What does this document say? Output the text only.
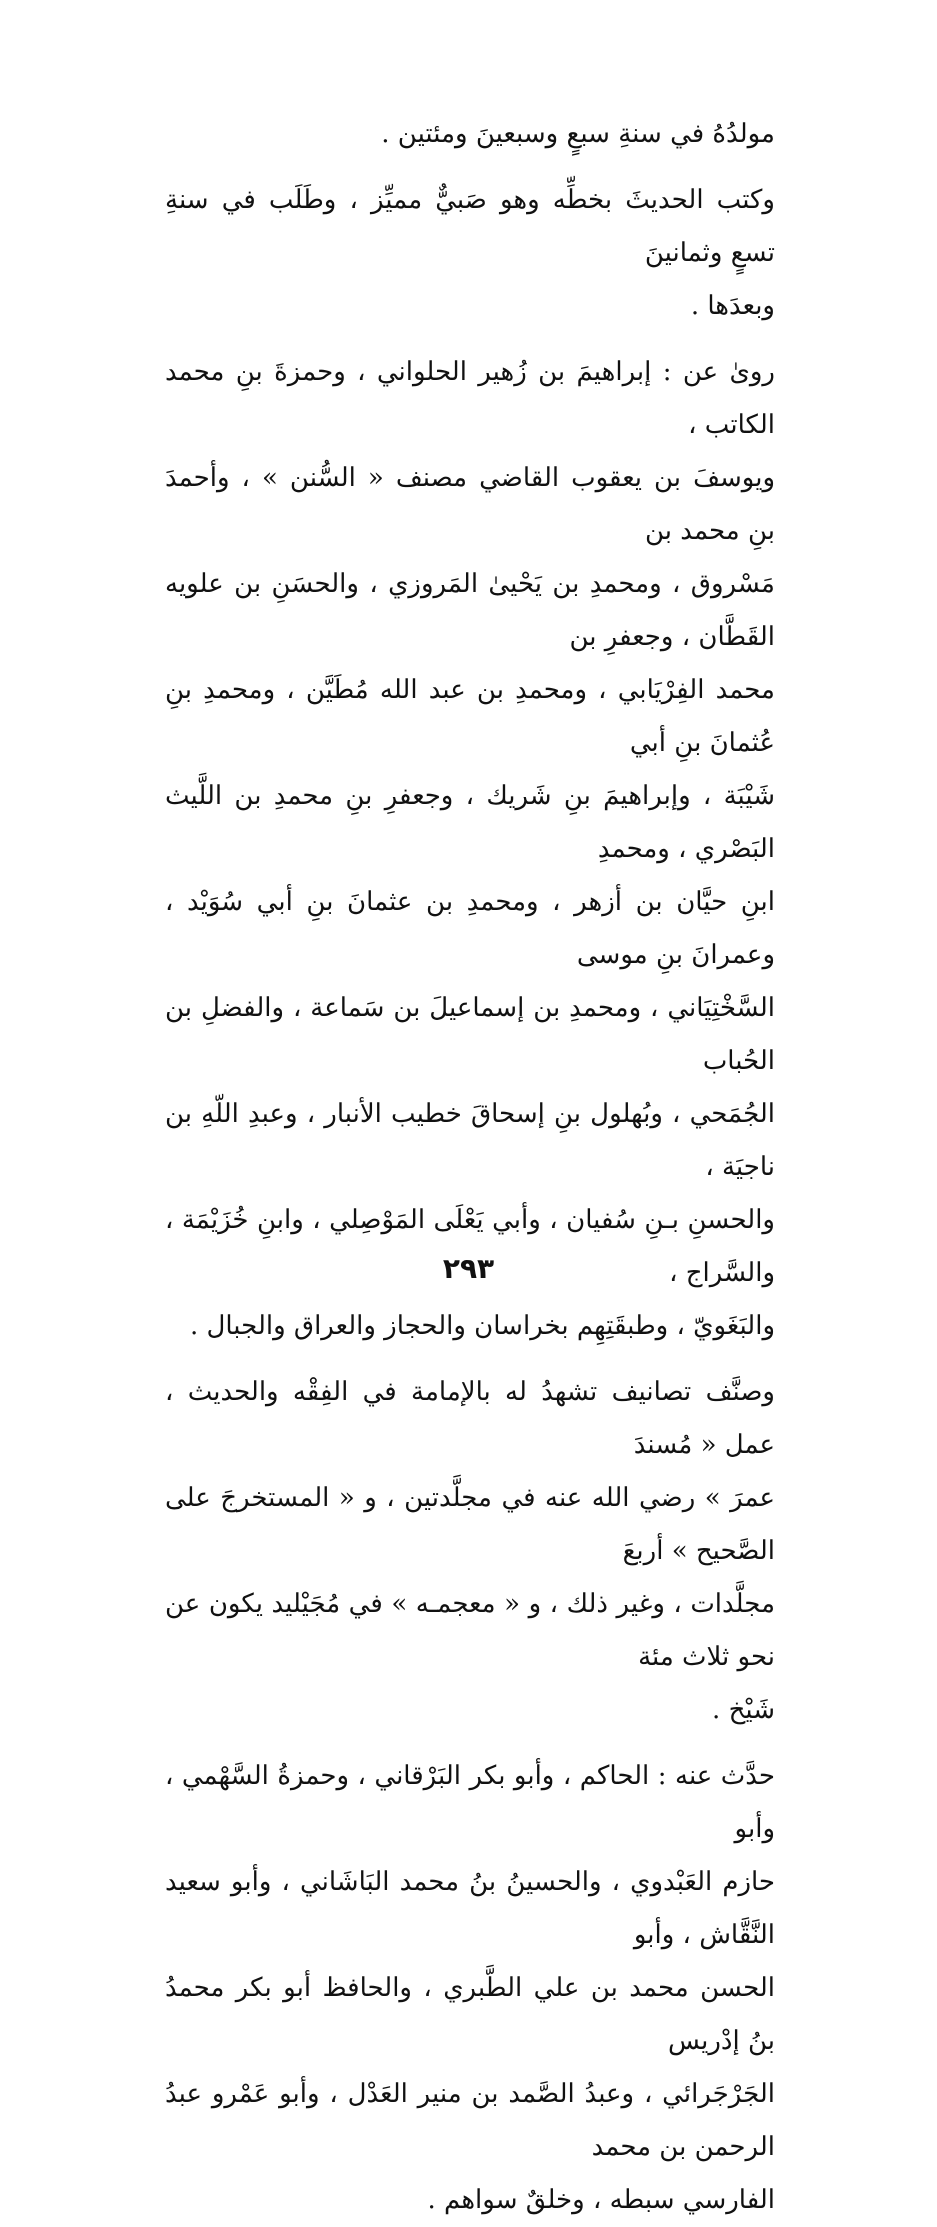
مولدُهُ في سنةِ سبعٍ وسبعينَ ومئتين .

وكتب الحديثَ بخطِّه وهو صَبيٌّ مميِّز ، وطَلَب في سنةِ تسعٍ وثمانينَ
وبعدَها .

روىٰ عن : إبراهيمَ بن زُهير الحلواني ، وحمزةَ بنِ محمد الكاتب ،
ويوسفَ بن يعقوب القاضي مصنف « السُّنن » ، وأحمدَ بنِ محمد بن
مَسْروق ، ومحمدِ بن يَحْيىٰ المَروزي ، والحسَنِ بن علويه القَطَّان ، وجعفرِ بن
محمد الفِرْيَابي ، ومحمدِ بن عبد الله مُطَيَّن ، ومحمدِ بنِ عُثمانَ بنِ أبي
شَيْبَة ، وإبراهيمَ بنِ شَريك ، وجعفرِ بنِ محمدِ بن اللَّيث البَصْري ، ومحمدِ
ابنِ حيَّان بن أزهر ، ومحمدِ بن عثمانَ بنِ أبي سُوَيْد ، وعمرانَ بنِ موسى
السَّخْتِيَاني ، ومحمدِ بن إسماعيلَ بن سَماعة ، والفضلِ بن الحُباب
الجُمَحي ، وبُهلول بنِ إسحاقَ خطيب الأنبار ، وعبدِ اللّهِ بن ناجيَة ،
والحسنِ بـنِ سُفيان ، وأبي يَعْلَى المَوْصِلي ، وابنِ خُزَيْمَة ، والسَّراج ،
والبَغَويّ ، وطبقَتِهِم بخراسان والحجاز والعراق والجبال .

وصنَّف تصانيف تشهدُ له بالإمامة في الفِقْه والحديث ، عمل « مُسندَ
عمرَ » رضي الله عنه في مجلَّدتين ، و « المستخرجَ على الصَّحيح » أربعَ
مجلَّدات ، وغير ذلك ، و « معجمـه » في مُجَيْليد يكون عن نحو ثلاث مئة
شَيْخ .

حدَّث عنه : الحاكم ، وأبو بكر البَرْقاني ، وحمزةُ السَّهْمي ، وأبو
حازم العَبْدوي ، والحسينُ بنُ محمد البَاشَاني ، وأبو سعيد النَّقَّاش ، وأبو
الحسن محمد بن علي الطَّبري ، والحافظ أبو بكر محمدُ بنُ إدْريس
الجَرْجَرائي ، وعبدُ الصَّمد بن منير العَدْل ، وأبو عَمْرو عبدُ الرحمن بن محمد
الفارسي سبطه ، وخلقٌ سواهم .

٢٩٣
